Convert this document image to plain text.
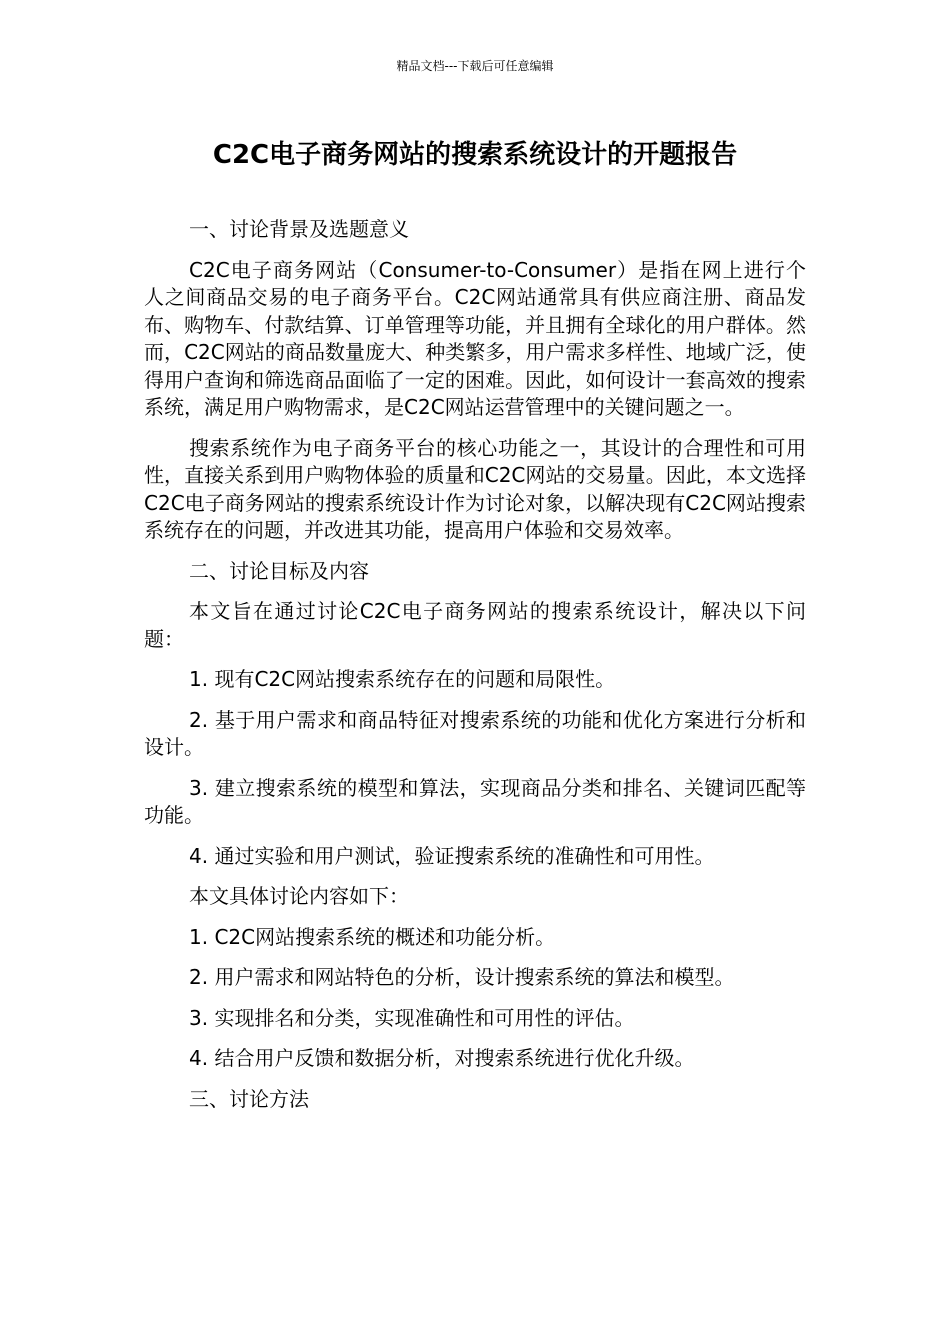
精品文档---下载后可任意编辑
C2C电子商务网站的搜索系统设计的开题报告

一、讨论背景及选题意义

C2C电子商务网站（Consumer-to-Consumer）是指在网上进行个人之间商品交易的电子商务平台。C2C网站通常具有供应商注册、商品发布、购物车、付款结算、订单管理等功能，并且拥有全球化的用户群体。然而，C2C网站的商品数量庞大、种类繁多，用户需求多样性、地域广泛，使得用户查询和筛选商品面临了一定的困难。因此，如何设计一套高效的搜索系统，满足用户购物需求，是C2C网站运营管理中的关键问题之一。

搜索系统作为电子商务平台的核心功能之一，其设计的合理性和可用性，直接关系到用户购物体验的质量和C2C网站的交易量。因此，本文选择C2C电子商务网站的搜索系统设计作为讨论对象，以解决现有C2C网站搜索系统存在的问题，并改进其功能，提高用户体验和交易效率。

二、讨论目标及内容

本文旨在通过讨论C2C电子商务网站的搜索系统设计，解决以下问题：

1. 现有C2C网站搜索系统存在的问题和局限性。

2. 基于用户需求和商品特征对搜索系统的功能和优化方案进行分析和设计。

3. 建立搜索系统的模型和算法，实现商品分类和排名、关键词匹配等功能。

4. 通过实验和用户测试，验证搜索系统的准确性和可用性。

本文具体讨论内容如下：

1. C2C网站搜索系统的概述和功能分析。

2. 用户需求和网站特色的分析，设计搜索系统的算法和模型。

3. 实现排名和分类，实现准确性和可用性的评估。

4. 结合用户反馈和数据分析，对搜索系统进行优化升级。

三、讨论方法
